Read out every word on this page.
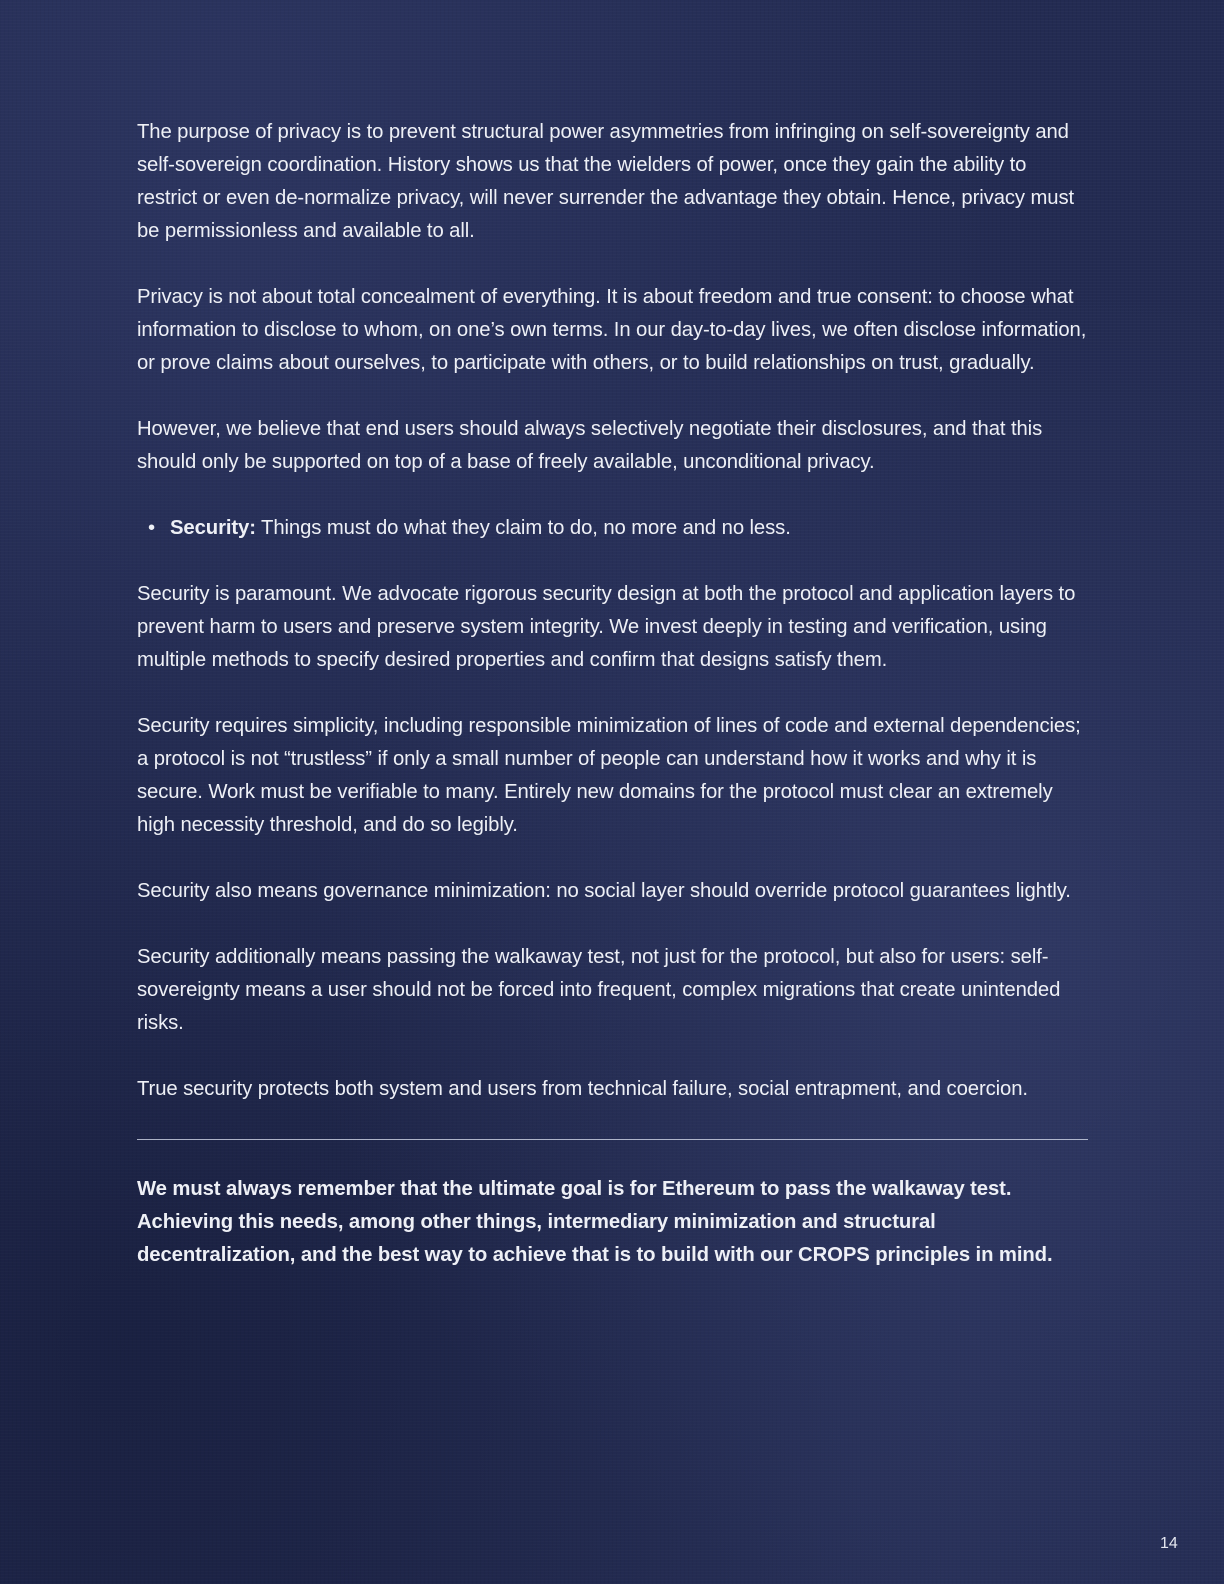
The purpose of privacy is to prevent structural power asymmetries from infringing on self-sovereignty and self-sovereign coordination. History shows us that the wielders of power, once they gain the ability to restrict or even de-normalize privacy, will never surrender the advantage they obtain. Hence, privacy must be permissionless and available to all.

Privacy is not about total concealment of everything. It is about freedom and true consent: to choose what information to disclose to whom, on one’s own terms. In our day-to-day lives, we often disclose information, or prove claims about ourselves, to participate with others, or to build relationships on trust, gradually.

However, we believe that end users should always selectively negotiate their disclosures, and that this should only be supported on top of a base of freely available, unconditional privacy.

• Security: Things must do what they claim to do, no more and no less.

Security is paramount. We advocate rigorous security design at both the protocol and application layers to prevent harm to users and preserve system integrity. We invest deeply in testing and verification, using multiple methods to specify desired properties and confirm that designs satisfy them.

Security requires simplicity, including responsible minimization of lines of code and external dependencies; a protocol is not “trustless” if only a small number of people can understand how it works and why it is secure. Work must be verifiable to many. Entirely new domains for the protocol must clear an extremely high necessity threshold, and do so legibly.

Security also means governance minimization: no social layer should override protocol guarantees lightly.

Security additionally means passing the walkaway test, not just for the protocol, but also for users: self-sovereignty means a user should not be forced into frequent, complex migrations that create unintended risks.

True security protects both system and users from technical failure, social entrapment, and coercion.

We must always remember that the ultimate goal is for Ethereum to pass the walkaway test. Achieving this needs, among other things, intermediary minimization and structural decentralization, and the best way to achieve that is to build with our CROPS principles in mind.

14
